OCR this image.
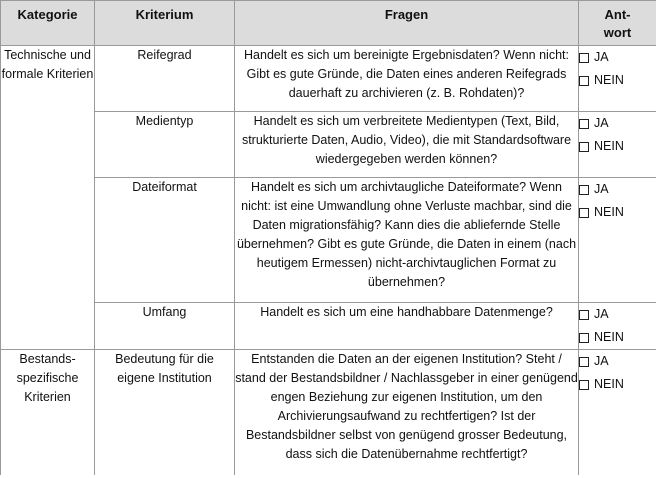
Kategorie	Kriterium	Fragen	Ant-
wort
Technische und formale Kriterien	Reifegrad	Handelt es sich um bereinigte Ergebnisdaten? Wenn nicht: Gibt es gute Gründe, die Daten eines anderen Reifegrads dauerhaft zu archivieren (z. B. Rohdaten)?	JA
NEIN

	Medientyp	Handelt es sich um verbreitete Medientypen (Text, Bild, strukturierte Daten, Audio, Video), die mit Standardsoftware wiedergegeben werden können?	JA
NEIN

	Dateiformat	Handelt es sich um archivtaugliche Dateiformate? Wenn nicht: ist eine Umwandlung ohne Verluste machbar, sind die Daten migrationsfähig? Kann dies die abliefernde Stelle übernehmen? Gibt es gute Gründe, die Daten in einem (nach heutigem Ermessen) nicht-archivtauglichen Format zu übernehmen?	JA
NEIN

	Umfang	Handelt es sich um eine handhabbare Datenmenge?	JA
NEIN

Bestands-spezifische Kriterien	Bedeutung für die eigene Institution	Entstanden die Daten an der eigenen Institution? Steht / stand der Bestandsbildner / Nachlassgeber in einer genügend engen Beziehung zur eigenen Institution, um den Archivierungsaufwand zu rechtfertigen? Ist der Bestandsbildner selbst von genügend grosser Bedeutung, dass sich die Datenübernahme rechtfertigt?	JA
NEIN
